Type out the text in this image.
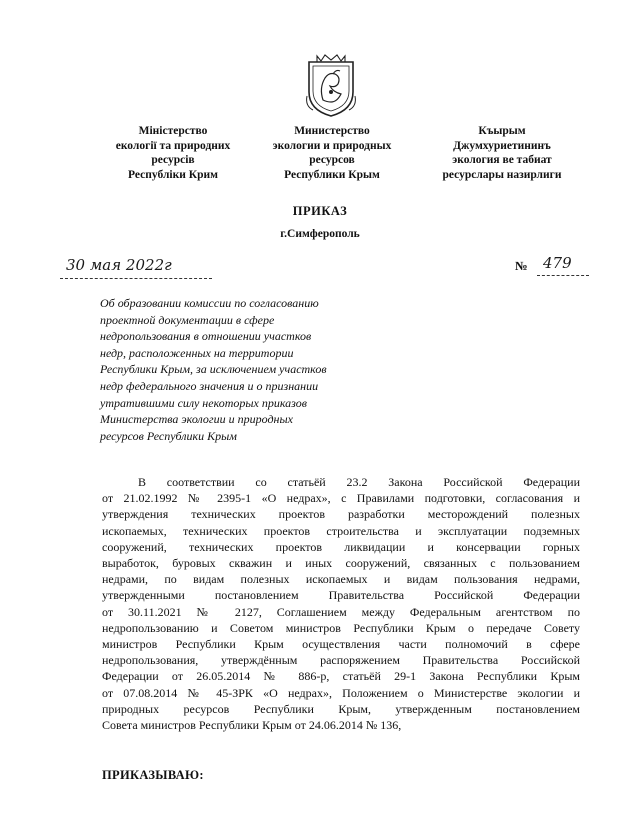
Міністерство
екології та природних
ресурсів
Республіки Крим
Министерство
экологии и природных
ресурсов
Республики Крым
Къырым
Джумхуриетининъ
экология ве табиат
ресурслары назирлиги
ПРИКАЗ
г.Симферополь
30 мая 2022г	№ 479
Об образовании комиссии по согласованию
проектной документации в сфере
недропользования в отношении участков
недр, расположенных на территории
Республики Крым, за исключением участков
недр федерального значения и о признании
утратившими силу некоторых приказов
Министерства экологии и природных
ресурсов Республики Крым
В соответствии со статьёй 23.2 Закона Российской Федерации
от 21.02.1992 № 2395-1 «О недрах», с Правилами подготовки, согласования и
утверждения технических проектов разработки месторождений полезных
ископаемых, технических проектов строительства и эксплуатации подземных
сооружений, технических проектов ликвидации и консервации горных
выработок, буровых скважин и иных сооружений, связанных с пользованием
недрами, по видам полезных ископаемых и видам пользования недрами,
утвержденными постановлением Правительства Российской Федерации
от 30.11.2021 № 2127, Соглашением между Федеральным агентством по
недропользованию и Советом министров Республики Крым о передаче Совету
министров Республики Крым осуществления части полномочий в сфере
недропользования, утверждённым распоряжением Правительства Российской
Федерации от 26.05.2014 № 886-р, статьёй 29-1 Закона Республики Крым
от 07.08.2014 № 45-ЗРК «О недрах», Положением о Министерстве экологии и
природных ресурсов Республики Крым, утвержденным постановлением
Совета министров Республики Крым от 24.06.2014 № 136,
ПРИКАЗЫВАЮ:
